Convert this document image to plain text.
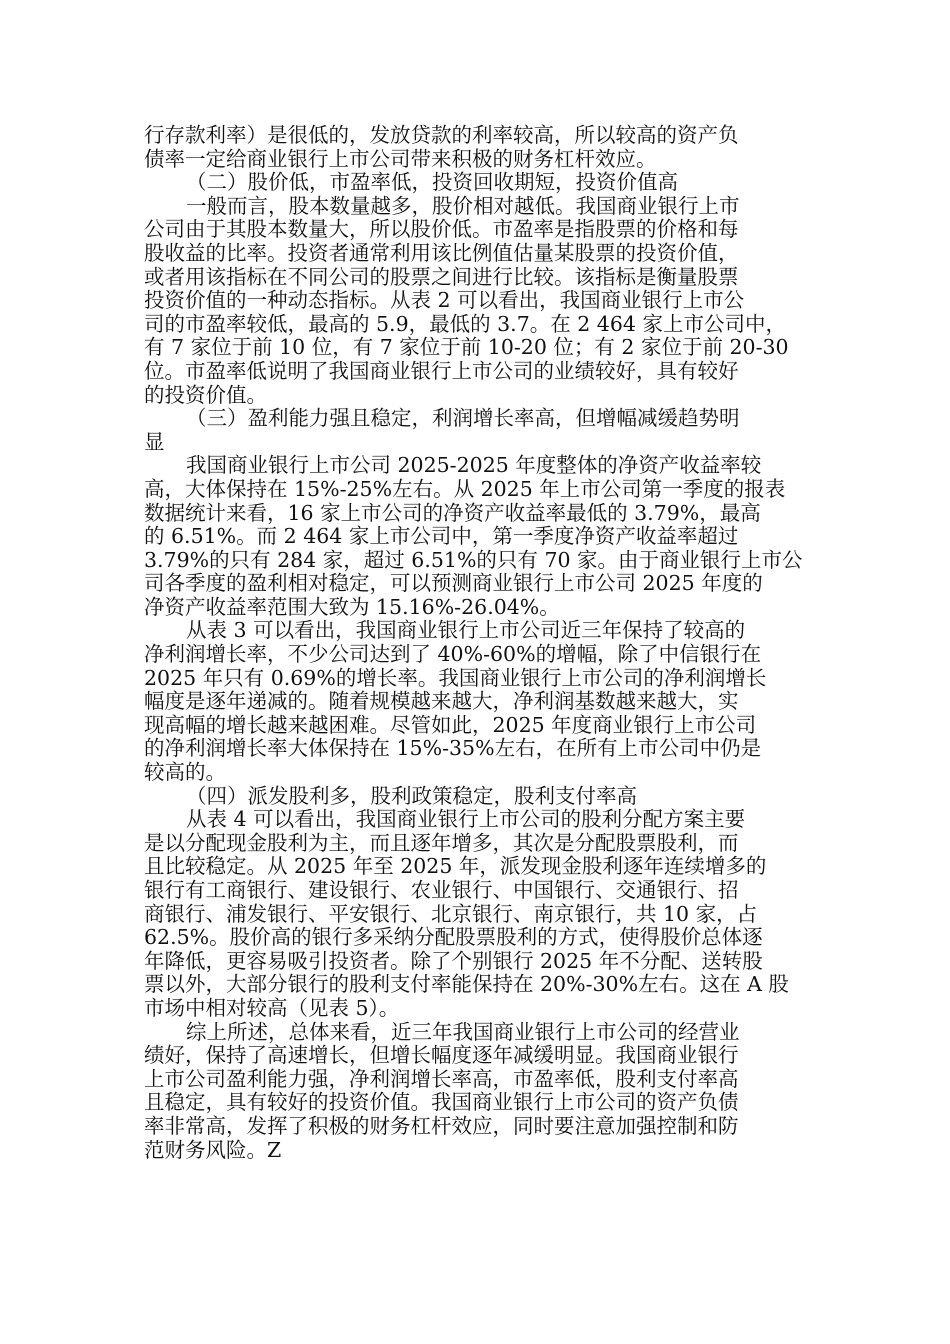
行存款利率）是很低的，发放贷款的利率较高，所以较高的资产负
债率一定给商业银行上市公司带来积极的财务杠杆效应。
（二）股价低，市盈率低，投资回收期短，投资价值高
一般而言，股本数量越多，股价相对越低。我国商业银行上市
公司由于其股本数量大，所以股价低。市盈率是指股票的价格和每
股收益的比率。投资者通常利用该比例值估量某股票的投资价值，
或者用该指标在不同公司的股票之间进行比较。该指标是衡量股票
投资价值的一种动态指标。从表 2 可以看出，我国商业银行上市公
司的市盈率较低，最高的 5.9，最低的 3.7。在 2 464 家上市公司中，
有 7 家位于前 10 位，有 7 家位于前 10-20 位；有 2 家位于前 20-30
位。市盈率低说明了我国商业银行上市公司的业绩较好，具有较好
的投资价值。
（三）盈利能力强且稳定，利润增长率高，但增幅减缓趋势明
显
我国商业银行上市公司 2025-2025 年度整体的净资产收益率较
高，大体保持在 15%-25%左右。从 2025 年上市公司第一季度的报表
数据统计来看，16 家上市公司的净资产收益率最低的 3.79%，最高
的 6.51%。而 2 464 家上市公司中，第一季度净资产收益率超过
3.79%的只有 284 家，超过 6.51%的只有 70 家。由于商业银行上市公
司各季度的盈利相对稳定，可以预测商业银行上市公司 2025 年度的
净资产收益率范围大致为 15.16%-26.04%。
从表 3 可以看出，我国商业银行上市公司近三年保持了较高的
净利润增长率，不少公司达到了 40%-60%的增幅，除了中信银行在
2025 年只有 0.69%的增长率。我国商业银行上市公司的净利润增长
幅度是逐年递减的。随着规模越来越大，净利润基数越来越大，实
现高幅的增长越来越困难。尽管如此，2025 年度商业银行上市公司
的净利润增长率大体保持在 15%-35%左右，在所有上市公司中仍是
较高的。
（四）派发股利多，股利政策稳定，股利支付率高
从表 4 可以看出，我国商业银行上市公司的股利分配方案主要
是以分配现金股利为主，而且逐年增多，其次是分配股票股利，而
且比较稳定。从 2025 年至 2025 年，派发现金股利逐年连续增多的
银行有工商银行、建设银行、农业银行、中国银行、交通银行、招
商银行、浦发银行、平安银行、北京银行、南京银行，共 10 家，占
62.5%。股价高的银行多采纳分配股票股利的方式，使得股价总体逐
年降低，更容易吸引投资者。除了个别银行 2025 年不分配、送转股
票以外，大部分银行的股利支付率能保持在 20%-30%左右。这在 A 股
市场中相对较高（见表 5）。
综上所述，总体来看，近三年我国商业银行上市公司的经营业
绩好，保持了高速增长，但增长幅度逐年减缓明显。我国商业银行
上市公司盈利能力强，净利润增长率高，市盈率低，股利支付率高
且稳定，具有较好的投资价值。我国商业银行上市公司的资产负债
率非常高，发挥了积极的财务杠杆效应，同时要注意加强控制和防
范财务风险。Z
